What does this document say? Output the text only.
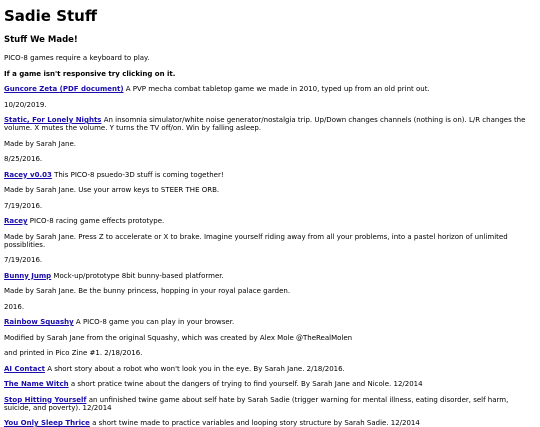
Sadie Stuff
Stuff We Made!

PICO-8 games require a keyboard to play.

If a game isn't responsive try clicking on it.

Guncore Zeta (PDF document) A PVP mecha combat tabletop game we made in 2010, typed up from an old print out.

10/20/2019.

Static, For Lonely Nights An insomnia simulator/white noise generator/nostalgia trip. Up/Down changes channels (nothing is on). L/R changes the volume. X mutes the volume. Y turns the TV off/on. Win by falling asleep.

Made by Sarah Jane.

8/25/2016.

Racey v0.03 This PICO-8 psuedo-3D stuff is coming together!

Made by Sarah Jane. Use your arrow keys to STEER THE ORB.

7/19/2016.

Racey PICO-8 racing game effects prototype.

Made by Sarah Jane. Press Z to accelerate or X to brake. Imagine yourself riding away from all your problems, into a pastel horizon of unlimited possiblities.

7/19/2016.

Bunny Jump Mock-up/prototype 8bit bunny-based platformer.

Made by Sarah Jane. Be the bunny princess, hopping in your royal palace garden.

2016.

Rainbow Squashy A PICO-8 game you can play in your browser.

Modified by Sarah Jane from the original Squashy, which was created by Alex Mole @TheRealMolen

and printed in Pico Zine #1. 2/18/2016.

AI Contact A short story about a robot who won't look you in the eye. By Sarah Jane. 2/18/2016.

The Name Witch a short pratice twine about the dangers of trying to find yourself. By Sarah Jane and Nicole. 12/2014

Stop Hitting Yourself an unfinished twine game about self hate by Sarah Sadie (trigger warning for mental illness, eating disorder, self harm, suicide, and poverty). 12/2014

You Only Sleep Thrice a short twine made to practice variables and looping story structure by Sarah Sadie. 12/2014
